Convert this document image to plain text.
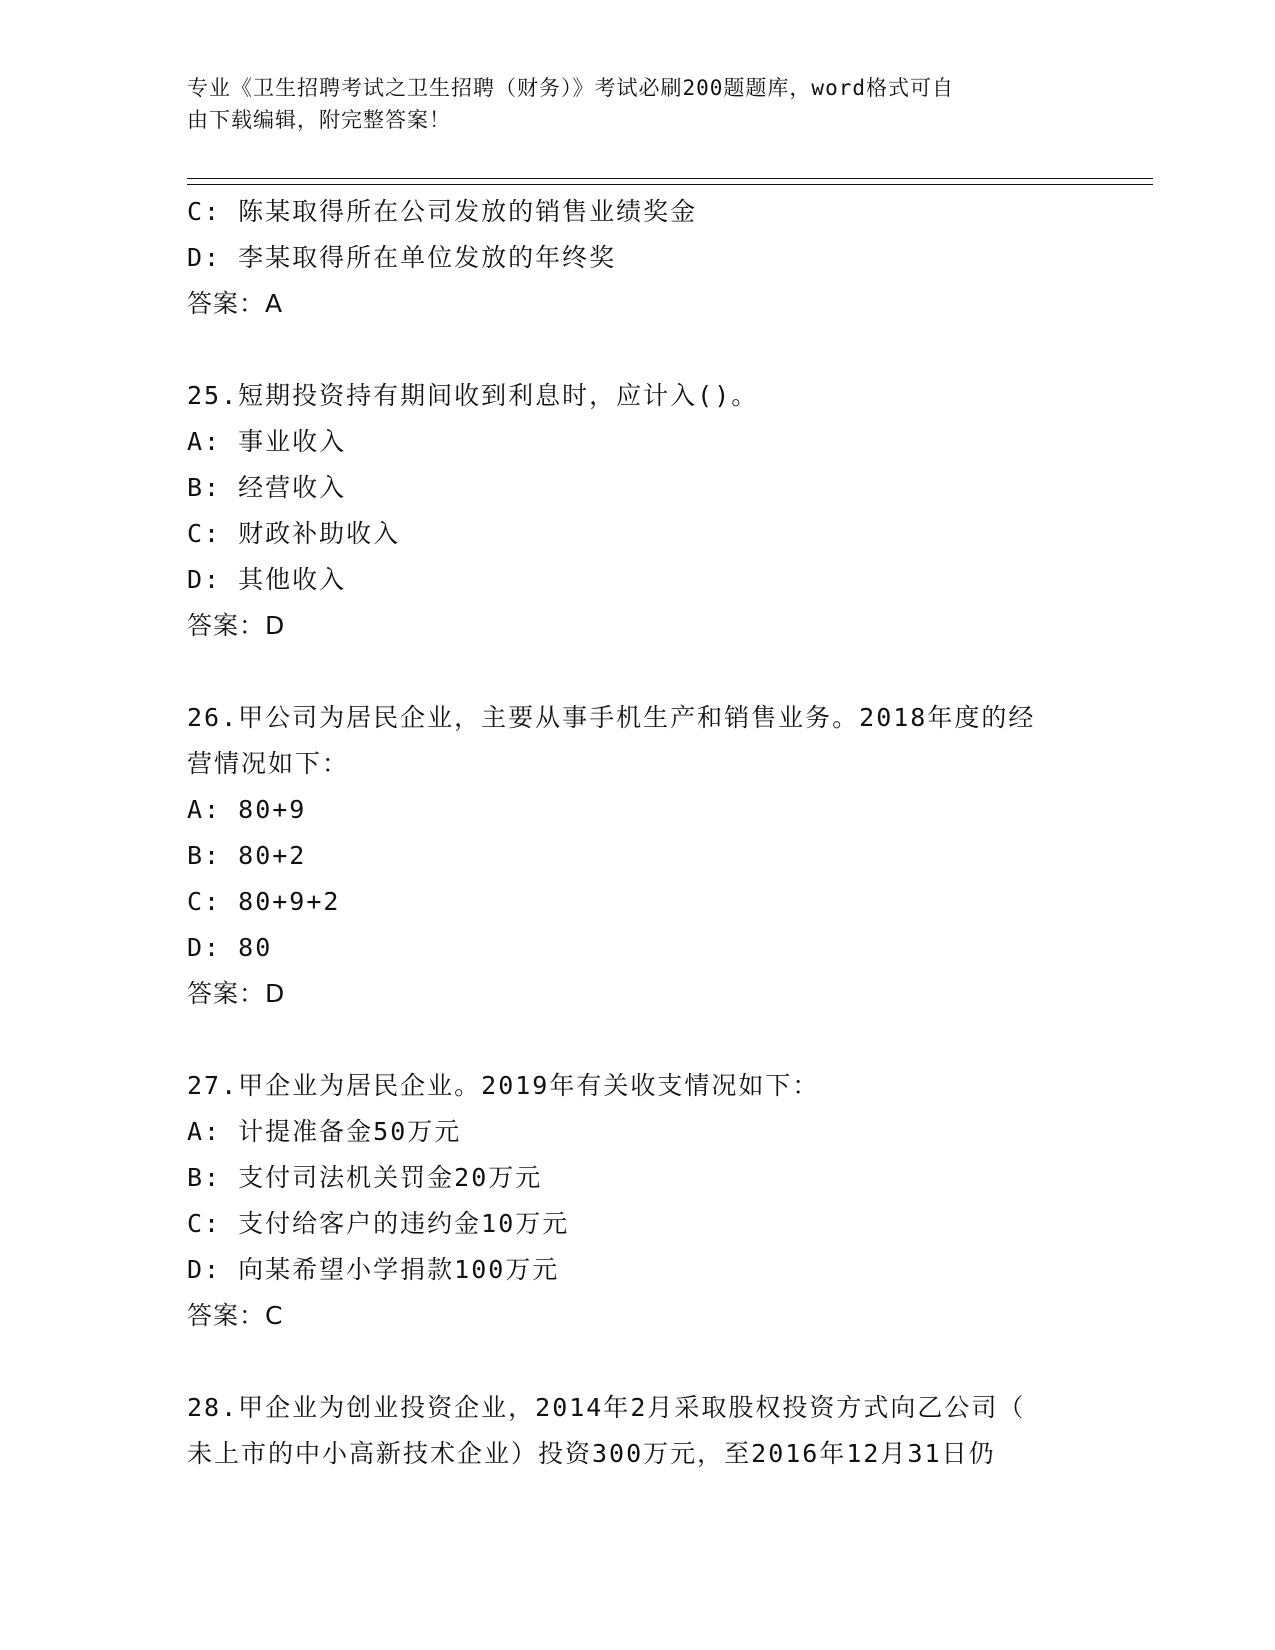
专业《卫生招聘考试之卫生招聘（财务）》考试必刷200题题库，word格式可自
由下载编辑，附完整答案！
C: 陈某取得所在公司发放的销售业绩奖金
D: 李某取得所在单位发放的年终奖
答案：A
25.短期投资持有期间收到利息时，应计入()。
A: 事业收入
B: 经营收入
C: 财政补助收入
D: 其他收入
答案：D
26.甲公司为居民企业，主要从事手机生产和销售业务。2018年度的经
营情况如下：
A: 80+9
B: 80+2
C: 80+9+2
D: 80
答案：D
27.甲企业为居民企业。2019年有关收支情况如下：
A: 计提准备金50万元
B: 支付司法机关罚金20万元
C: 支付给客户的违约金10万元
D: 向某希望小学捐款100万元
答案：C
28.甲企业为创业投资企业，2014年2月采取股权投资方式向乙公司（
未上市的中小高新技术企业）投资300万元，至2016年12月31日仍
